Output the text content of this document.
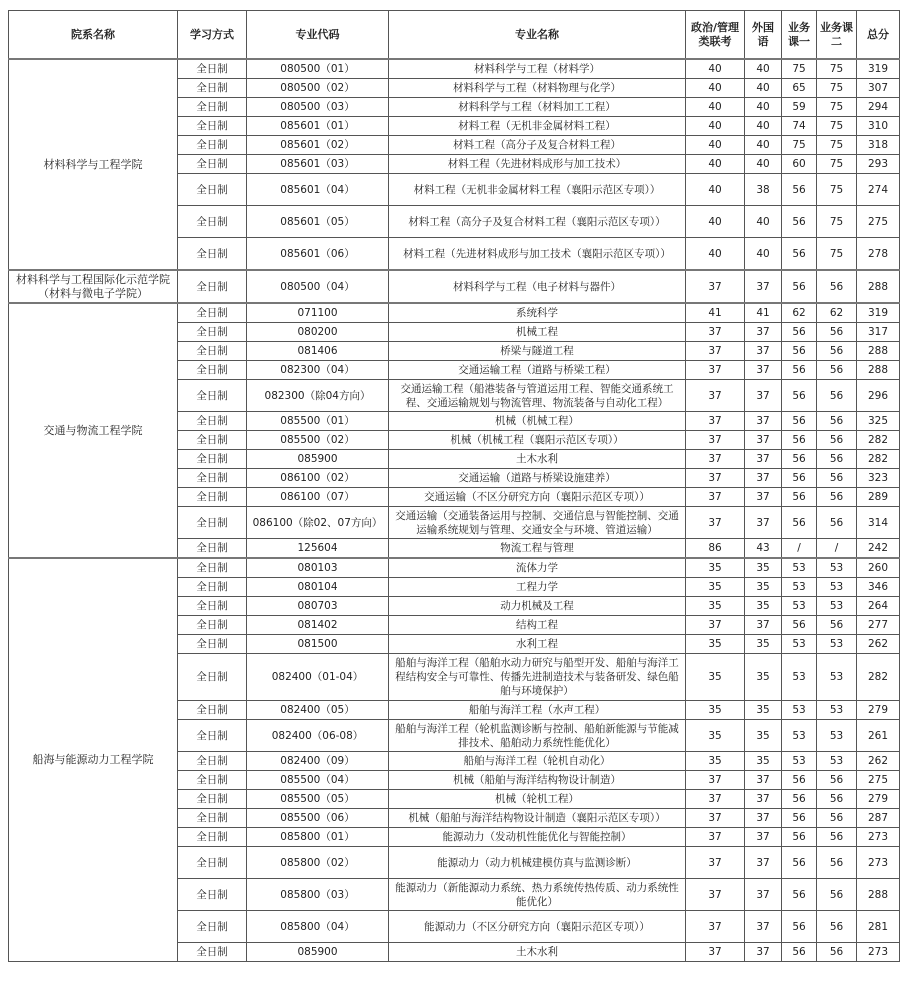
院系名称	学习方式	专业代码	专业名称	政治/管理类联考	外国语	业务课一	业务课二	总分
材料科学与工程学院	全日制	080500（01）	材料科学与工程（材料学）	40	40	75	75	319
	全日制	080500（02）	材料科学与工程（材料物理与化学）	40	40	65	75	307
	全日制	080500（03）	材料科学与工程（材料加工工程）	40	40	59	75	294
	全日制	085601（01）	材料工程（无机非金属材料工程）	40	40	74	75	310
	全日制	085601（02）	材料工程（高分子及复合材料工程）	40	40	75	75	318
	全日制	085601（03）	材料工程（先进材料成形与加工技术）	40	40	60	75	293
	全日制	085601（04）	材料工程（无机非金属材料工程（襄阳示范区专项））	40	38	56	75	274
	全日制	085601（05）	材料工程（高分子及复合材料工程（襄阳示范区专项））	40	40	56	75	275
	全日制	085601（06）	材料工程（先进材料成形与加工技术（襄阳示范区专项））	40	40	56	75	278
材料科学与工程国际化示范学院（材料与微电子学院）	全日制	080500（04）	材料科学与工程（电子材料与器件）	37	37	56	56	288
交通与物流工程学院	全日制	071100	系统科学	41	41	62	62	319
	全日制	080200	机械工程	37	37	56	56	317
	全日制	081406	桥梁与隧道工程	37	37	56	56	288
	全日制	082300（04）	交通运输工程（道路与桥梁工程）	37	37	56	56	288
	全日制	082300（除04方向）	交通运输工程（船港装备与管道运用工程、智能交通系统工程、交通运输规划与物流管理、物流装备与自动化工程）	37	37	56	56	296
	全日制	085500（01）	机械（机械工程）	37	37	56	56	325
	全日制	085500（02）	机械（机械工程（襄阳示范区专项））	37	37	56	56	282
	全日制	085900	土木水利	37	37	56	56	282
	全日制	086100（02）	交通运输（道路与桥梁设施建养）	37	37	56	56	323
	全日制	086100（07）	交通运输（不区分研究方向（襄阳示范区专项））	37	37	56	56	289
	全日制	086100（除02、07方向）	交通运输（交通装备运用与控制、交通信息与智能控制、交通运输系统规划与管理、交通安全与环境、管道运输）	37	37	56	56	314
	全日制	125604	物流工程与管理	86	43	/	/	242
船海与能源动力工程学院	全日制	080103	流体力学	35	35	53	53	260
	全日制	080104	工程力学	35	35	53	53	346
	全日制	080703	动力机械及工程	35	35	53	53	264
	全日制	081402	结构工程	37	37	56	56	277
	全日制	081500	水利工程	35	35	53	53	262
	全日制	082400（01-04）	船舶与海洋工程（船舶水动力研究与船型开发、船舶与海洋工程结构安全与可靠性、传播先进制造技术与装备研发、绿色船舶与环境保护）	35	35	53	53	282
	全日制	082400（05）	船舶与海洋工程（水声工程）	35	35	53	53	279
	全日制	082400（06-08）	船舶与海洋工程（轮机监测诊断与控制、船舶新能源与节能减排技术、船舶动力系统性能优化）	35	35	53	53	261
	全日制	082400（09）	船舶与海洋工程（轮机自动化）	35	35	53	53	262
	全日制	085500（04）	机械（船舶与海洋结构物设计制造）	37	37	56	56	275
	全日制	085500（05）	机械（轮机工程）	37	37	56	56	279
	全日制	085500（06）	机械（船舶与海洋结构物设计制造（襄阳示范区专项））	37	37	56	56	287
	全日制	085800（01）	能源动力（发动机性能优化与智能控制）	37	37	56	56	273
	全日制	085800（02）	能源动力（动力机械建模仿真与监测诊断）	37	37	56	56	273
	全日制	085800（03）	能源动力（新能源动力系统、热力系统传热传质、动力系统性能优化）	37	37	56	56	288
	全日制	085800（04）	能源动力（不区分研究方向（襄阳示范区专项））	37	37	56	56	281
	全日制	085900	土木水利	37	37	56	56	273
